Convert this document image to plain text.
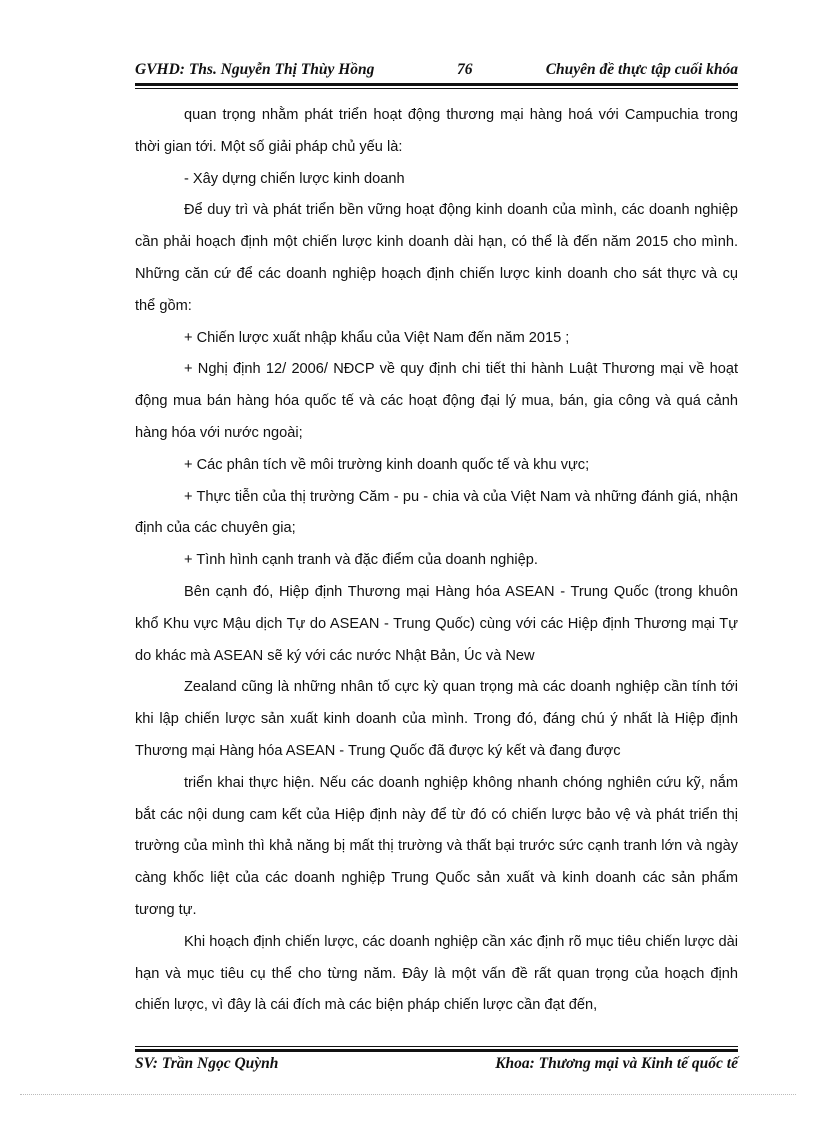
GVHD: Ths. Nguyễn Thị Thùy Hồng	76	Chuyên đề thực tập cuối khóa

quan trọng nhằm phát triển hoạt động thương mại hàng hoá với Campuchia trong thời gian tới. Một số giải pháp chủ yếu là:

- Xây dựng chiến lược kinh doanh

Để duy trì và phát triển bền vững hoạt động kinh doanh của mình, các doanh nghiệp cần phải hoạch định một chiến lược kinh doanh dài hạn, có thể là đến năm 2015 cho mình. Những căn cứ để các doanh nghiệp hoạch định chiến lược kinh doanh cho sát thực và cụ thể gồm:

+ Chiến lược xuất nhập khẩu của Việt Nam đến năm 2015 ;

+ Nghị định 12/ 2006/ NĐCP về quy định chi tiết thi hành Luật Thương mại về hoạt động mua bán hàng hóa quốc tế và các hoạt động đại lý mua, bán, gia công và quá cảnh hàng hóa với nước ngoài;

+ Các phân tích về môi trường kinh doanh quốc tế và khu vực;

+ Thực tiễn của thị trường Căm - pu - chia và của Việt Nam và những đánh giá, nhận định của các chuyên gia;

+ Tình hình cạnh tranh và đặc điểm của doanh nghiệp.

Bên cạnh đó, Hiệp định Thương mại Hàng hóa ASEAN - Trung Quốc (trong khuôn khổ Khu vực Mậu dịch Tự do ASEAN - Trung Quốc) cùng với các Hiệp định Thương mại Tự do khác mà ASEAN sẽ ký với các nước Nhật Bản, Úc và New

Zealand cũng là những nhân tố cực kỳ quan trọng mà các doanh nghiệp cần tính tới khi lập chiến lược sản xuất kinh doanh của mình. Trong đó, đáng chú ý nhất là Hiệp định Thương mại Hàng hóa ASEAN - Trung Quốc đã được ký kết và đang được

triển khai thực hiện. Nếu các doanh nghiệp không nhanh chóng nghiên cứu kỹ, nắm bắt các nội dung cam kết của Hiệp định này để từ đó có chiến lược bảo vệ và phát triển thị trường của mình thì khả năng bị mất thị trường và thất bại trước sức cạnh tranh lớn và ngày càng khốc liệt của các doanh nghiệp Trung Quốc sản xuất và kinh doanh các sản phẩm tương tự.

Khi hoạch định chiến lược, các doanh nghiệp cần xác định rõ mục tiêu chiến lược dài hạn và mục tiêu cụ thể cho từng năm. Đây là một vấn đề rất quan trọng của hoạch định chiến lược, vì đây là cái đích mà các biện pháp chiến lược cần đạt đến,

SV: Trần Ngọc Quỳnh	Khoa: Thương mại và Kinh tế quốc tế
